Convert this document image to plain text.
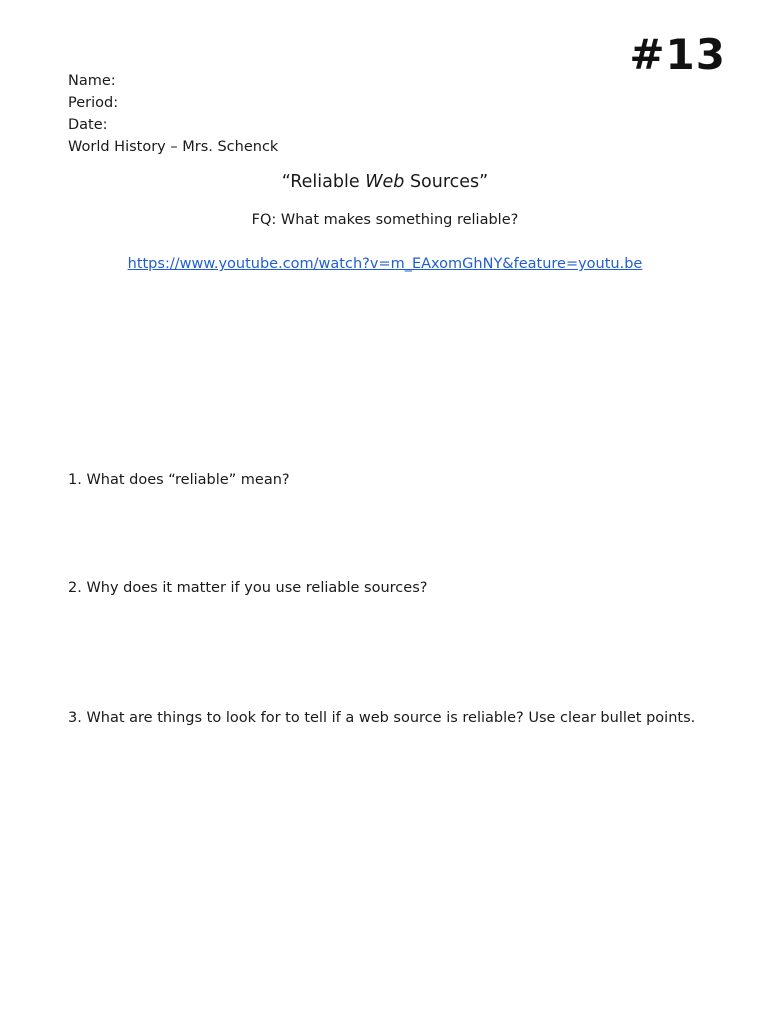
#13
Name:
Period:
Date:
World History – Mrs. Schenck
“Reliable Web Sources”
FQ: What makes something reliable?
https://www.youtube.com/watch?v=m_EAxomGhNY&feature=youtu.be
1. What does “reliable” mean?
2. Why does it matter if you use reliable sources?
3. What are things to look for to tell if a web source is reliable? Use clear bullet points.
